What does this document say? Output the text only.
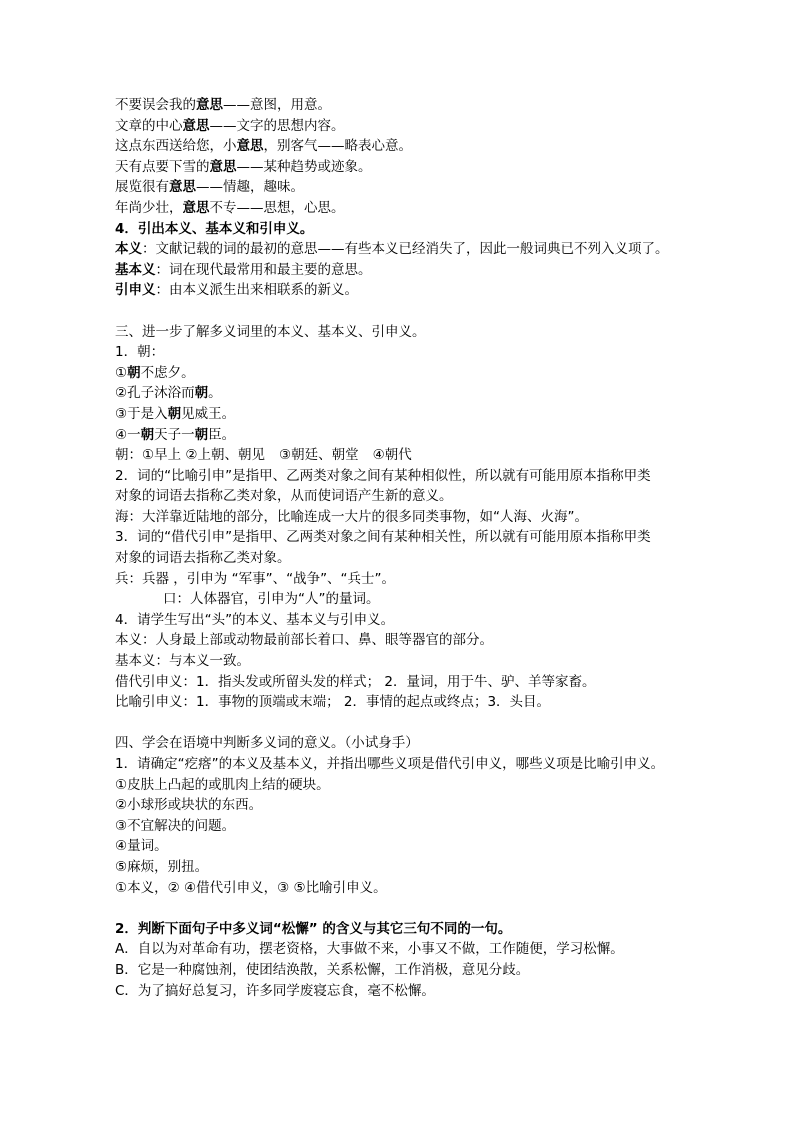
不要误会我的意思——意图，用意。
文章的中心意思——文字的思想内容。
这点东西送给您，小意思，别客气——略表心意。
天有点要下雪的意思——某种趋势或迹象。
展览很有意思——情趣，趣味。
年尚少壮，意思不专——思想，心思。
4．引出本义、基本义和引申义。
本义：文献记载的词的最初的意思——有些本义已经消失了，因此一般词典已不列入义项了。
基本义：词在现代最常用和最主要的意思。
引申义：由本义派生出来相联系的新义。
三、进一步了解多义词里的本义、基本义、引申义。
1．朝：
①朝不虑夕。
②孔子沐浴而朝。
③于是入朝见威王。
④一朝天子一朝臣。
朝：①早上 ②上朝、朝见 ③朝廷、朝堂 ④朝代
2．词的“比喻引申”是指甲、乙两类对象之间有某种相似性，所以就有可能用原本指称甲类
对象的词语去指称乙类对象，从而使词语产生新的意义。
海：大洋靠近陆地的部分，比喻连成一大片的很多同类事物，如“人海、火海”。
3．词的“借代引申”是指甲、乙两类对象之间有某种相关性，所以就有可能用原本指称甲类
对象的词语去指称乙类对象。
兵：兵器 ，引申为 “军事”、“战争”、“兵士”。
口：人体器官，引申为“人”的量词。
4．请学生写出“头”的本义、基本义与引申义。
本义：人身最上部或动物最前部长着口、鼻、眼等器官的部分。
基本义：与本义一致。
借代引申义：1．指头发或所留头发的样式； 2．量词，用于牛、驴、羊等家畜。
比喻引申义：1．事物的顶端或末端； 2．事情的起点或终点；3．头目。
四、学会在语境中判断多义词的意义。（小试身手）
1．请确定“疙瘩”的本义及基本义，并指出哪些义项是借代引申义，哪些义项是比喻引申义。
①皮肤上凸起的或肌肉上结的硬块。
②小球形或块状的东西。
③不宜解决的问题。
④量词。
⑤麻烦，别扭。
①本义，② ④借代引申义，③ ⑤比喻引申义。
2．判断下面句子中多义词“松懈” 的含义与其它三句不同的一句。
A．自以为对革命有功，摆老资格，大事做不来，小事又不做，工作随便，学习松懈。
B．它是一种腐蚀剂，使团结涣散，关系松懈，工作消极，意见分歧。
C．为了搞好总复习，许多同学废寝忘食，毫不松懈。
